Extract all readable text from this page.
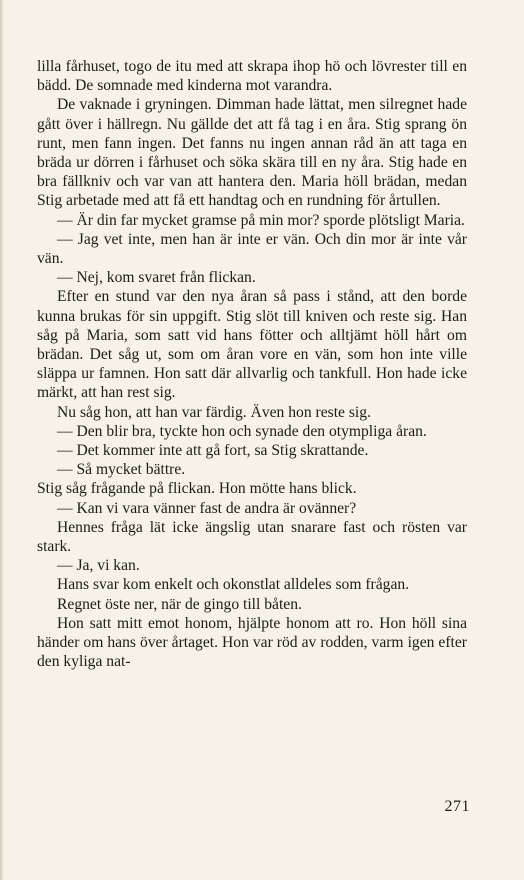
lilla fårhuset, togo de itu med att skrapa ihop hö och lövrester till en bädd. De somnade med kinderna mot varandra.

De vaknade i gryningen. Dimman hade lättat, men silregnet hade gått över i hällregn. Nu gällde det att få tag i en åra. Stig sprang ön runt, men fann ingen. Det fanns nu ingen annan råd än att taga en bräda ur dörren i fårhuset och söka skära till en ny åra. Stig hade en bra fällkniv och var van att hantera den. Maria höll brädan, medan Stig arbetade med att få ett handtag och en rundning för årtullen.

— Är din far mycket gramse på min mor? sporde plötsligt Maria.

— Jag vet inte, men han är inte er vän. Och din mor är inte vår vän.

— Nej, kom svaret från flickan.

Efter en stund var den nya åran så pass i stånd, att den borde kunna brukas för sin uppgift. Stig slöt till kniven och reste sig. Han såg på Maria, som satt vid hans fötter och alltjämt höll hårt om brädan. Det såg ut, som om åran vore en vän, som hon inte ville släppa ur famnen. Hon satt där allvarlig och tankfull. Hon hade icke märkt, att han rest sig.

Nu såg hon, att han var färdig. Även hon reste sig.

— Den blir bra, tyckte hon och synade den otympliga åran.

— Det kommer inte att gå fort, sa Stig skrattande.

— Så mycket bättre.

Stig såg frågande på flickan. Hon mötte hans blick.

— Kan vi vara vänner fast de andra är ovänner?

Hennes fråga lät icke ängslig utan snarare fast och rösten var stark.

— Ja, vi kan.

Hans svar kom enkelt och okonstlat alldeles som frågan.

Regnet öste ner, när de gingo till båten.

Hon satt mitt emot honom, hjälpte honom att ro. Hon höll sina händer om hans över årtaget. Hon var röd av rodden, varm igen efter den kyliga nat-

271
